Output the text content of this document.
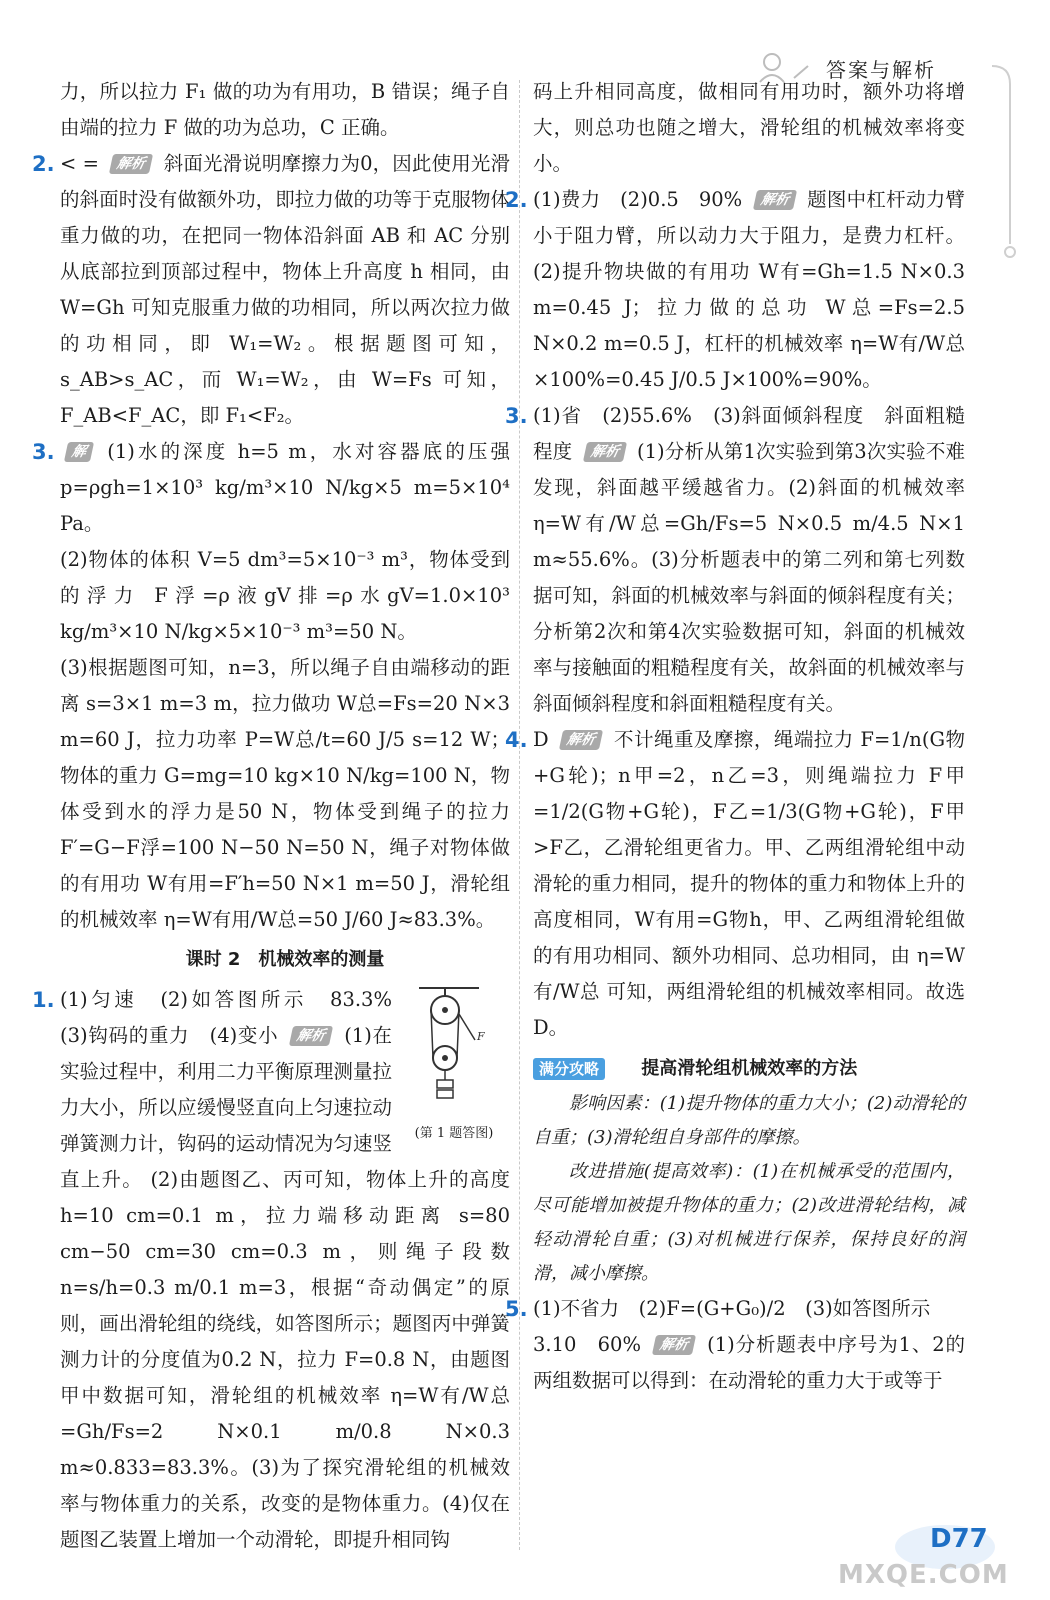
答案与解析

力，所以拉力 F₁ 做的功为有用功，B 错误；绳子自由端的拉力 F 做的功为总功，C 正确。

2. < = 解析 斜面光滑说明摩擦力为0，因此使用光滑的斜面时没有做额外功，即拉力做的功等于克服物体重力做的功，在把同一物体沿斜面 AB 和 AC 分别从底部拉到顶部过程中，物体上升高度 h 相同，由 W=Gh 可知克服重力做的功相同，所以两次拉力做的功相同，即 W₁=W₂。根据题图可知，s_AB>s_AC，而 W₁=W₂，由 W=Fs 可知，F_AB<F_AC，即 F₁<F₂。

3.	解 (1)水的深度 h=5 m，水对容器底的压强 p=ρgh=1×10³ kg/m³×10 N/kg×5 m=5×10⁴ Pa。

(2)物体的体积 V=5 dm³=5×10⁻³ m³，物体受到的浮力 F浮=ρ液gV排=ρ水gV=1.0×10³ kg/m³×10 N/kg×5×10⁻³ m³=50 N。

(3)根据题图可知，n=3，所以绳子自由端移动的距离 s=3×1 m=3 m，拉力做功 W总=Fs=20 N×3 m=60 J，拉力功率 P=W总/t=60 J/5 s=12 W；物体的重力 G=mg=10 kg×10 N/kg=100 N，物体受到水的浮力是50 N，物体受到绳子的拉力 F′=G−F浮=100 N−50 N=50 N，绳子对物体做的有用功 W有用=F′h=50 N×1 m=50 J，滑轮组的机械效率 η=W有用/W总=50 J/60 J≈83.3%。

课时 2　机械效率的测量
1.
F
(第 1 题答图)

(1)匀速　(2)如答图所示　83.3%　(3)钩码的重力　(4)变小 解析 (1)在实验过程中，利用二力平衡原理测量拉力大小，所以应缓慢竖直向上匀速拉动弹簧测力计，钩码的运动情况为匀速竖直上升。 (2)由题图乙、丙可知，物体上升的高度 h=10 cm=0.1 m，拉力端移动距离 s=80 cm−50 cm=30 cm=0.3 m，则绳子段数 n=s/h=0.3 m/0.1 m=3，根据“奇动偶定”的原则，画出滑轮组的绕线，如答图所示；题图丙中弹簧测力计的分度值为0.2 N，拉力 F=0.8 N，由题图甲中数据可知，滑轮组的机械效率 η=W有/W总=Gh/Fs=2 N×0.1 m/0.8 N×0.3 m≈0.833=83.3%。(3)为了探究滑轮组的机械效率与物体重力的关系，改变的是物体重力。(4)仅在题图乙装置上增加一个动滑轮，即提升相同钩

码上升相同高度，做相同有用功时，额外功将增大，则总功也随之增大，滑轮组的机械效率将变小。

2. (1)费力　(2)0.5　90% 解析 题图中杠杆动力臂小于阻力臂，所以动力大于阻力，是费力杠杆。(2)提升物块做的有用功 W有=Gh=1.5 N×0.3 m=0.45 J；拉力做的总功 W总=Fs=2.5 N×0.2 m=0.5 J，杠杆的机械效率 η=W有/W总×100%=0.45 J/0.5 J×100%=90%。

3. (1)省　(2)55.6%　(3)斜面倾斜程度　斜面粗糙程度 解析 (1)分析从第1次实验到第3次实验不难发现，斜面越平缓越省力。(2)斜面的机械效率 η=W有/W总=Gh/Fs=5 N×0.5 m/4.5 N×1 m≈55.6%。(3)分析题表中的第二列和第七列数据可知，斜面的机械效率与斜面的倾斜程度有关；分析第2次和第4次实验数据可知，斜面的机械效率与接触面的粗糙程度有关，故斜面的机械效率与斜面倾斜程度和斜面粗糙程度有关。

4. D 解析 不计绳重及摩擦，绳端拉力 F=1/n(G物+G轮)；n甲=2，n乙=3，则绳端拉力 F甲=1/2(G物+G轮)，F乙=1/3(G物+G轮)，F甲>F乙，乙滑轮组更省力。甲、乙两组滑轮组中动滑轮的重力相同，提升的物体的重力和物体上升的高度相同，W有用=G物h，甲、乙两组滑轮组做的有用功相同、额外功相同、总功相同，由 η=W有/W总 可知，两组滑轮组的机械效率相同。故选 D。

满分攻略 提高滑轮组机械效率的方法

影响因素：(1)提升物体的重力大小；(2)动滑轮的自重；(3)滑轮组自身部件的摩擦。

改进措施(提高效率)：(1)在机械承受的范围内，尽可能增加被提升物体的重力；(2)改进滑轮结构，减轻动滑轮自重；(3)对机械进行保养，保持良好的润滑，减小摩擦。

5. (1)不省力　(2)F=(G+G₀)/2　(3)如答图所示

3.10　60% 解析 (1)分析题表中序号为1、2的两组数据可以得到：在动滑轮的重力大于或等于

D77
MXQE.COM
